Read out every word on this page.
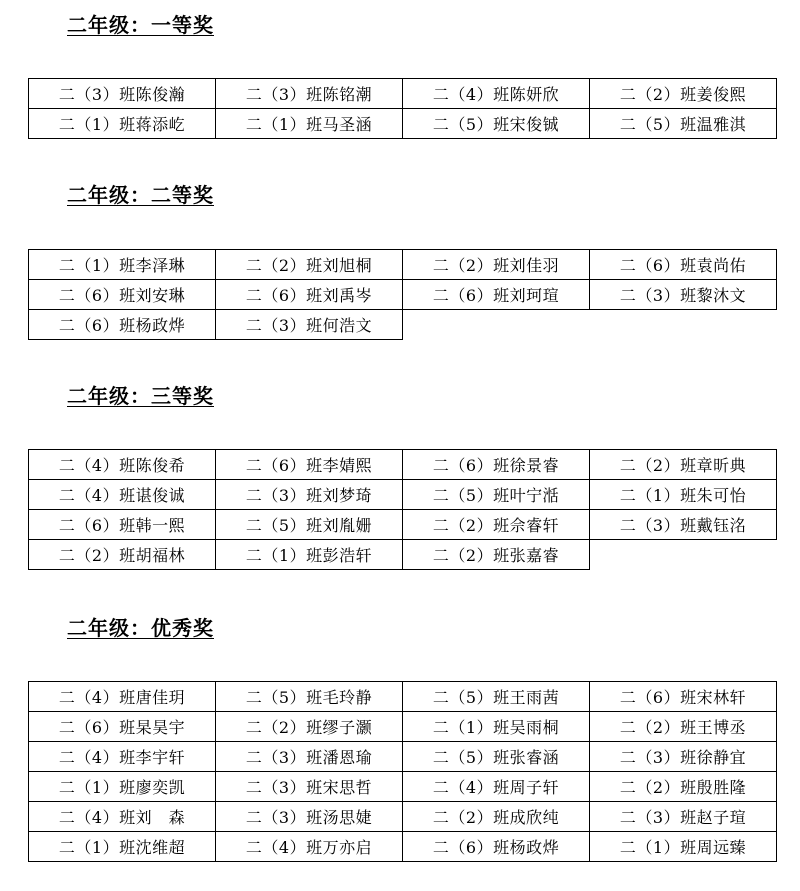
二年级：一等奖
二（3）班陈俊瀚	二（3）班陈铭潮	二（4）班陈妍欣	二（2）班姜俊熙
二（1）班蒋添屹	二（1）班马圣涵	二（5）班宋俊铖	二（5）班温雅淇
二年级：二等奖
二（1）班李泽琳	二（2）班刘旭桐	二（2）班刘佳羽	二（6）班袁尚佑
二（6）班刘安琳	二（6）班刘禹岑	二（6）班刘珂瑄	二（3）班黎沐文
二（6）班杨政烨	二（3）班何浩文		
二年级：三等奖
二（4）班陈俊希	二（6）班李婧熙	二（6）班徐景睿	二（2）班章昕典
二（4）班谌俊诚	二（3）班刘梦琦	二（5）班叶宁湉	二（1）班朱可怡
二（6）班韩一熙	二（5）班刘胤姗	二（2）班佘睿轩	二（3）班戴钰洺
二（2）班胡福林	二（1）班彭浩轩	二（2）班张嘉睿	
二年级：优秀奖
二（4）班唐佳玥	二（5）班毛玲静	二（5）班王雨茜	二（6）班宋林轩
二（6）班杲昊宇	二（2）班缪子灏	二（1）班吴雨桐	二（2）班王博丞
二（4）班李宇轩	二（3）班潘恩瑜	二（5）班张睿涵	二（3）班徐静宜
二（1）班廖奕凯	二（3）班宋思哲	二（4）班周子轩	二（2）班殷胜隆
二（4）班刘　森	二（3）班汤思婕	二（2）班成欣纯	二（3）班赵子瑄
二（1）班沈维超	二（4）班万亦启	二（6）班杨政烨	二（1）班周远臻
